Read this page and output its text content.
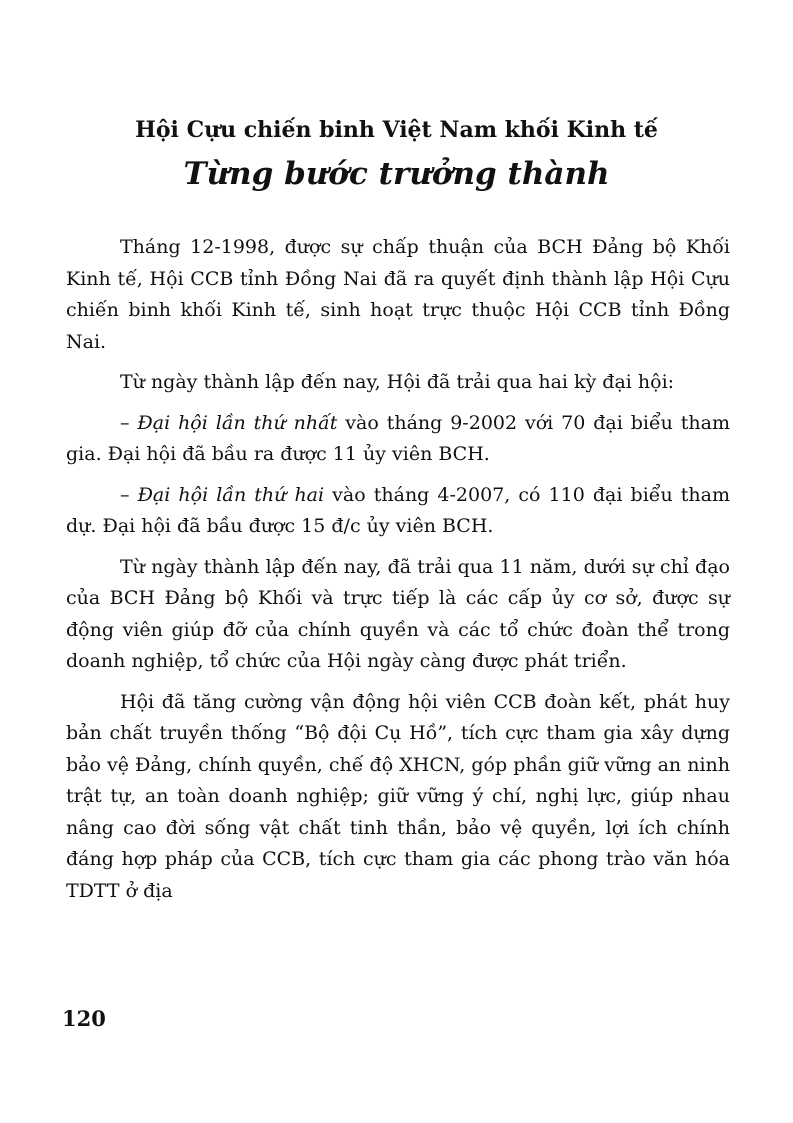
Hội Cựu chiến binh Việt Nam khối Kinh tế
Từng bước trưởng thành

Tháng 12-1998, được sự chấp thuận của BCH Đảng bộ Khối Kinh tế, Hội CCB tỉnh Đồng Nai đã ra quyết định thành lập Hội Cựu chiến binh khối Kinh tế, sinh hoạt trực thuộc Hội CCB tỉnh Đồng Nai.

Từ ngày thành lập đến nay, Hội đã trải qua hai kỳ đại hội:

– Đại hội lần thứ nhất vào tháng 9-2002 với 70 đại biểu tham gia. Đại hội đã bầu ra được 11 ủy viên BCH.

– Đại hội lần thứ hai vào tháng 4-2007, có 110 đại biểu tham dự. Đại hội đã bầu được 15 đ/c ủy viên BCH.

Từ ngày thành lập đến nay, đã trải qua 11 năm, dưới sự chỉ đạo của BCH Đảng bộ Khối và trực tiếp là các cấp ủy cơ sở, được sự động viên giúp đỡ của chính quyền và các tổ chức đoàn thể trong doanh nghiệp, tổ chức của Hội ngày càng được phát triển.

Hội đã tăng cường vận động hội viên CCB đoàn kết, phát huy bản chất truyền thống “Bộ đội Cụ Hồ”, tích cực tham gia xây dựng bảo vệ Đảng, chính quyền, chế độ XHCN, góp phần giữ vững an ninh trật tự, an toàn doanh nghiệp; giữ vững ý chí, nghị lực, giúp nhau nâng cao đời sống vật chất tinh thần, bảo vệ quyền, lợi ích chính đáng hợp pháp của CCB, tích cực tham gia các phong trào văn hóa TDTT ở địa

120
